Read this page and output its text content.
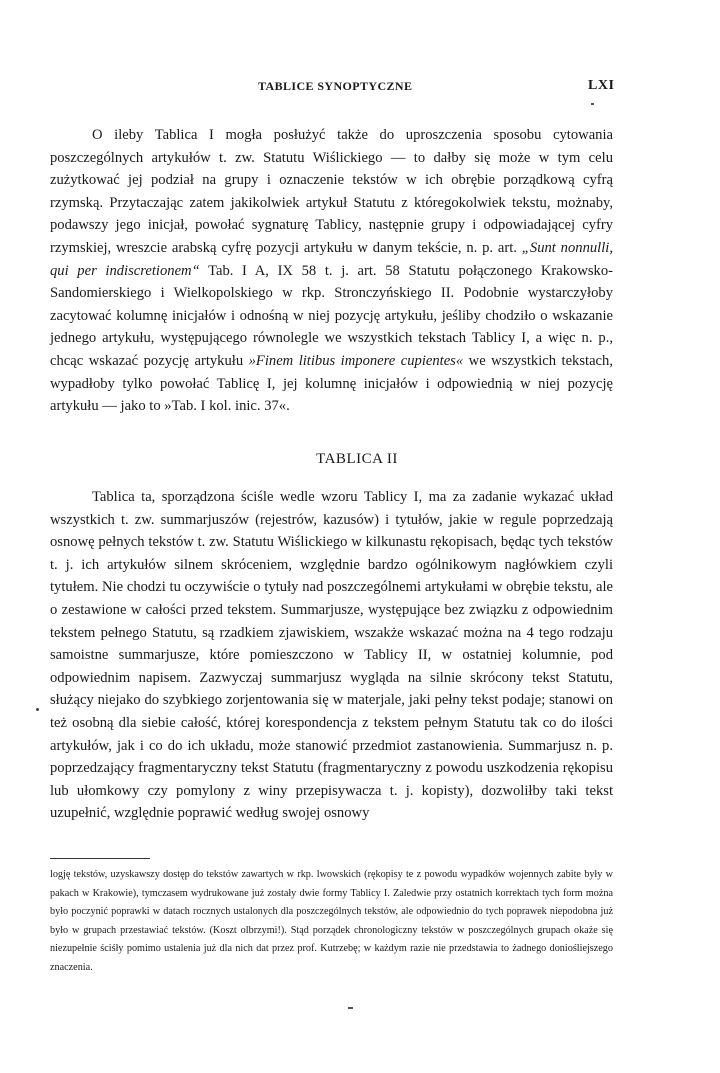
TABLICE SYNOPTYCZNE	LXI

O ileby Tablica I mogła posłużyć także do uproszczenia sposobu cytowania poszczególnych artykułów t. zw. Statutu Wiślickiego — to dałby się może w tym celu zużytkować jej podział na grupy i oznaczenie tekstów w ich obrębie porządkową cyfrą rzymską. Przytaczając zatem jakikolwiek artykuł Statutu z któregokolwiek tekstu, możnaby, podawszy jego inicjał, powołać sygnaturę Tablicy, następnie grupy i odpowiadającej cyfry rzymskiej, wreszcie arabską cyfrę pozycji artykułu w danym tekście, n. p. art. „Sunt nonnulli, qui per indiscretionem“ Tab. I A, IX 58 t. j. art. 58 Statutu połączonego Krakowsko-Sandomierskiego i Wielkopolskiego w rkp. Stronczyńskiego II. Podobnie wystarczyłoby zacytować kolumnę inicjałów i odnośną w niej pozycję artykułu, jeśliby chodziło o wskazanie jednego artykułu, występującego równolegle we wszystkich tekstach Tablicy I, a więc n. p., chcąc wskazać pozycję artykułu »Finem litibus imponere cupientes« we wszystkich tekstach, wypadłoby tylko powołać Tablicę I, jej kolumnę inicjałów i odpowiednią w niej pozycję artykułu — jako to »Tab. I kol. inic. 37«.

TABLICA II

Tablica ta, sporządzona ściśle wedle wzoru Tablicy I, ma za zadanie wykazać układ wszystkich t. zw. summarjuszów (rejestrów, kazusów) i tytułów, jakie w regule poprzedzają osnowę pełnych tekstów t. zw. Statutu Wiślickiego w kilkunastu rękopisach, będąc tych tekstów t. j. ich artykułów silnem skróceniem, względnie bardzo ogólnikowym nagłówkiem czyli tytułem. Nie chodzi tu oczywiście o tytuły nad poszczególnemi artykułami w obrębie tekstu, ale o zestawione w całości przed tekstem. Summarjusze, występujące bez związku z odpowiednim tekstem pełnego Statutu, są rzadkiem zjawiskiem, wszakże wskazać można na 4 tego rodzaju samoistne summarjusze, które pomieszczono w Tablicy II, w ostatniej kolumnie, pod odpowiednim napisem. Zazwyczaj summarjusz wygląda na silnie skrócony tekst Statutu, służący niejako do szybkiego zorjentowania się w materjale, jaki pełny tekst podaje; stanowi on też osobną dla siebie całość, której korespondencja z tekstem pełnym Statutu tak co do ilości artykułów, jak i co do ich układu, może stanowić przedmiot zastanowienia. Summarjusz n. p. poprzedzający fragmentaryczny tekst Statutu (fragmentaryczny z powodu uszkodzenia rękopisu lub ułomkowy czy pomylony z winy przepisywacza t. j. kopisty), dozwoliłby taki tekst uzupełnić, względnie poprawić według swojej osnowy

logję tekstów, uzyskawszy dostęp do tekstów zawartych w rkp. lwowskich (rękopisy te z powodu wypadków wojennych zabite były w pakach w Krakowie), tymczasem wydrukowane już zostały dwie formy Tablicy I. Zaledwie przy ostatnich korrektach tych form można było poczynić poprawki w datach rocznych ustalonych dla poszczególnych tekstów, ale odpowiednio do tych poprawek niepodobna już było w grupach przestawiać tekstów. (Koszt olbrzymi!). Stąd porządek chronologiczny tekstów w poszczególnych grupach okaże się niezupełnie ściśły pomimo ustalenia już dla nich dat przez prof. Kutrzebę; w każdym razie nie przedstawia to żadnego doniośliejszego znaczenia.
